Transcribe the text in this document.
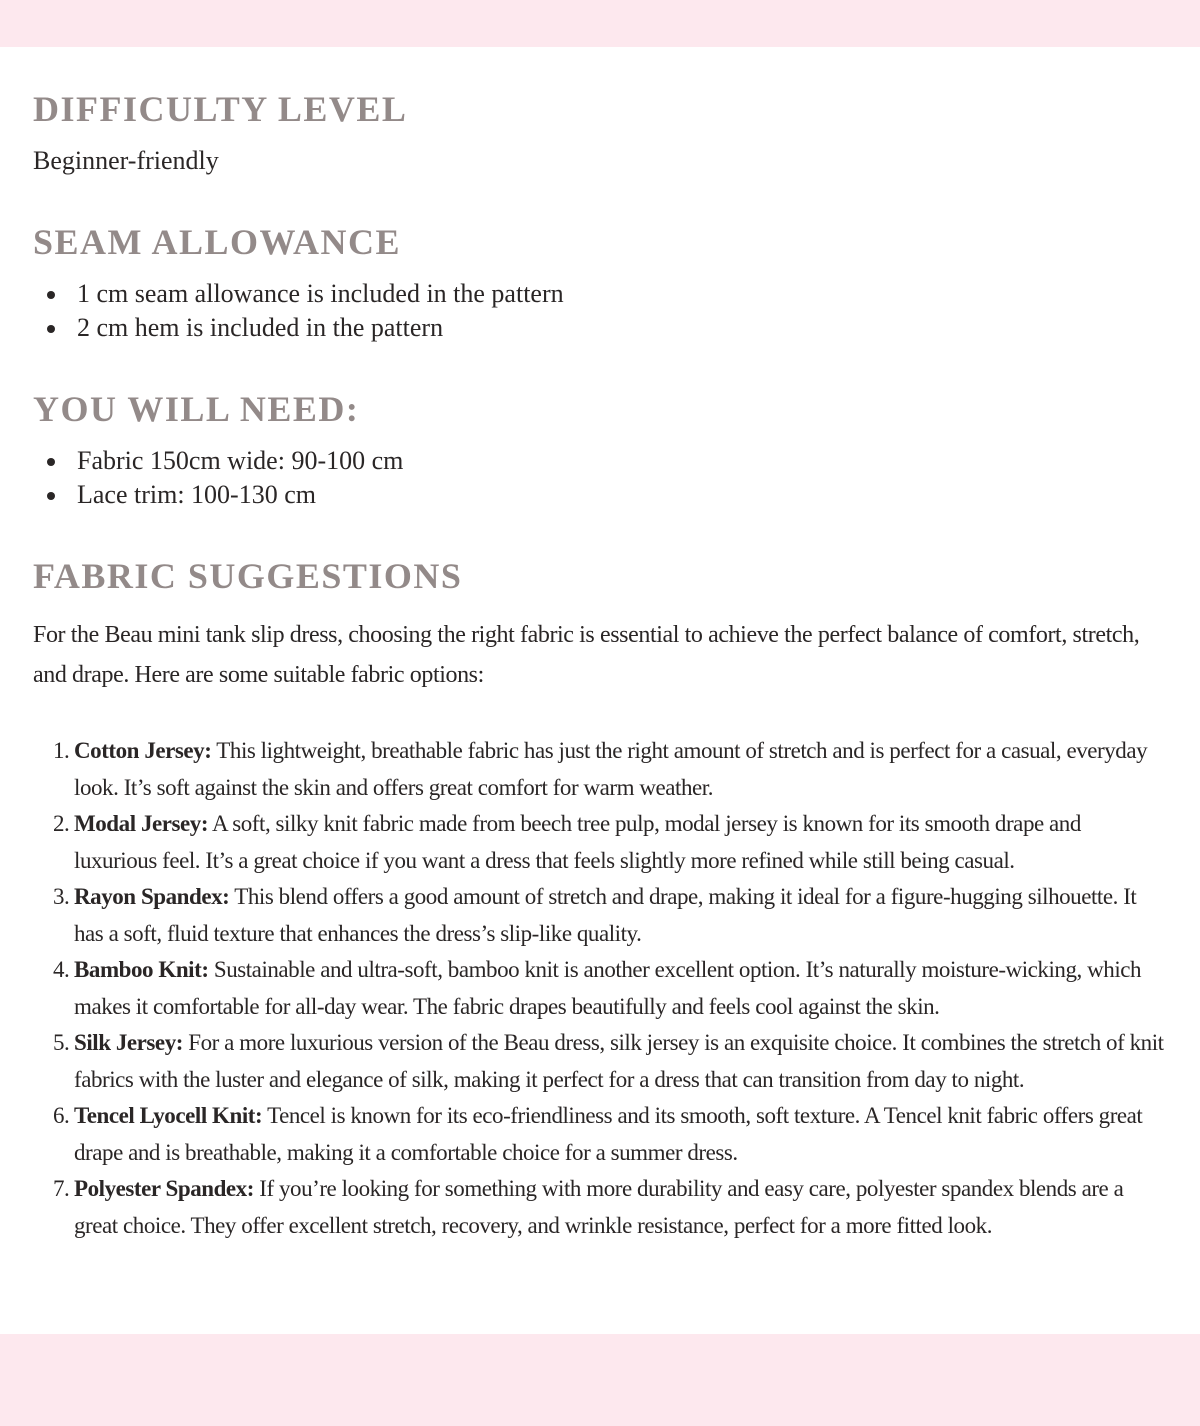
DIFFICULTY LEVEL

Beginner-friendly

SEAM ALLOWANCE
1 cm seam allowance is included in the pattern
2 cm hem is included in the pattern
YOU WILL NEED:
Fabric 150cm wide: 90-100 cm
Lace trim: 100-130 cm
FABRIC SUGGESTIONS

For the Beau mini tank slip dress, choosing the right fabric is essential to achieve the perfect balance of comfort, stretch, and drape. Here are some suitable fabric options:

1. Cotton Jersey: This lightweight, breathable fabric has just the right amount of stretch and is perfect for a casual, everyday look. It’s soft against the skin and offers great comfort for warm weather.
2. Modal Jersey: A soft, silky knit fabric made from beech tree pulp, modal jersey is known for its smooth drape and luxurious feel. It’s a great choice if you want a dress that feels slightly more refined while still being casual.
3. Rayon Spandex: This blend offers a good amount of stretch and drape, making it ideal for a figure-hugging silhouette. It has a soft, fluid texture that enhances the dress’s slip-like quality.
4. Bamboo Knit: Sustainable and ultra-soft, bamboo knit is another excellent option. It’s naturally moisture-wicking, which makes it comfortable for all-day wear. The fabric drapes beautifully and feels cool against the skin.
5. Silk Jersey: For a more luxurious version of the Beau dress, silk jersey is an exquisite choice. It combines the stretch of knit fabrics with the luster and elegance of silk, making it perfect for a dress that can transition from day to night.
6. Tencel Lyocell Knit: Tencel is known for its eco-friendliness and its smooth, soft texture. A Tencel knit fabric offers great drape and is breathable, making it a comfortable choice for a summer dress.
7. Polyester Spandex: If you’re looking for something with more durability and easy care, polyester spandex blends are a great choice. They offer excellent stretch, recovery, and wrinkle resistance, perfect for a more fitted look.
